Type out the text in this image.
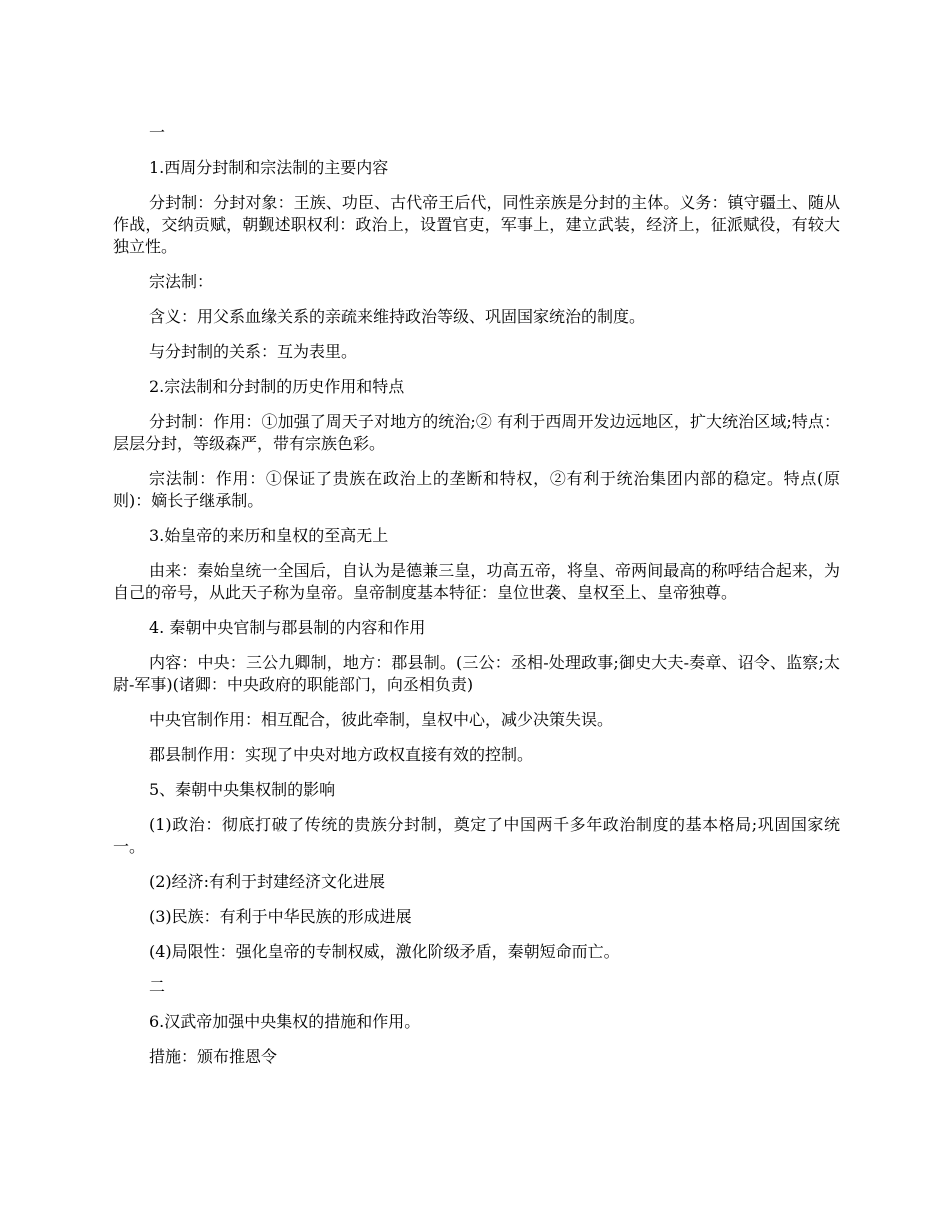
一

1.西周分封制和宗法制的主要内容

分封制：分封对象：王族、功臣、古代帝王后代，同性亲族是分封的主体。义务：镇守疆土、随从作战，交纳贡赋，朝觐述职权利：政治上，设置官吏，军事上，建立武装，经济上，征派赋役，有较大独立性。

宗法制：

含义：用父系血缘关系的亲疏来维持政治等级、巩固国家统治的制度。

与分封制的关系：互为表里。

2.宗法制和分封制的历史作用和特点

分封制：作用：①加强了周天子对地方的统治;② 有利于西周开发边远地区，扩大统治区域;特点：层层分封，等级森严，带有宗族色彩。

宗法制：作用：①保证了贵族在政治上的垄断和特权，②有利于统治集团内部的稳定。特点(原则)：嫡长子继承制。

3.始皇帝的来历和皇权的至高无上

由来：秦始皇统一全国后，自认为是德兼三皇，功高五帝，将皇、帝两间最高的称呼结合起来，为自己的帝号，从此天子称为皇帝。皇帝制度基本特征：皇位世袭、皇权至上、皇帝独尊。

4. 秦朝中央官制与郡县制的内容和作用

内容：中央：三公九卿制，地方：郡县制。(三公：丞相-处理政事;御史大夫-奏章、诏令、监察;太尉-军事)(诸卿：中央政府的职能部门，向丞相负责)

中央官制作用：相互配合，彼此牵制，皇权中心，减少决策失误。

郡县制作用：实现了中央对地方政权直接有效的控制。

5、秦朝中央集权制的影响

(1)政治：彻底打破了传统的贵族分封制，奠定了中国两千多年政治制度的基本格局;巩固国家统一。

(2)经济:有利于封建经济文化进展

(3)民族：有利于中华民族的形成进展

(4)局限性：强化皇帝的专制权威，激化阶级矛盾，秦朝短命而亡。

二

6.汉武帝加强中央集权的措施和作用。

措施：颁布推恩令
